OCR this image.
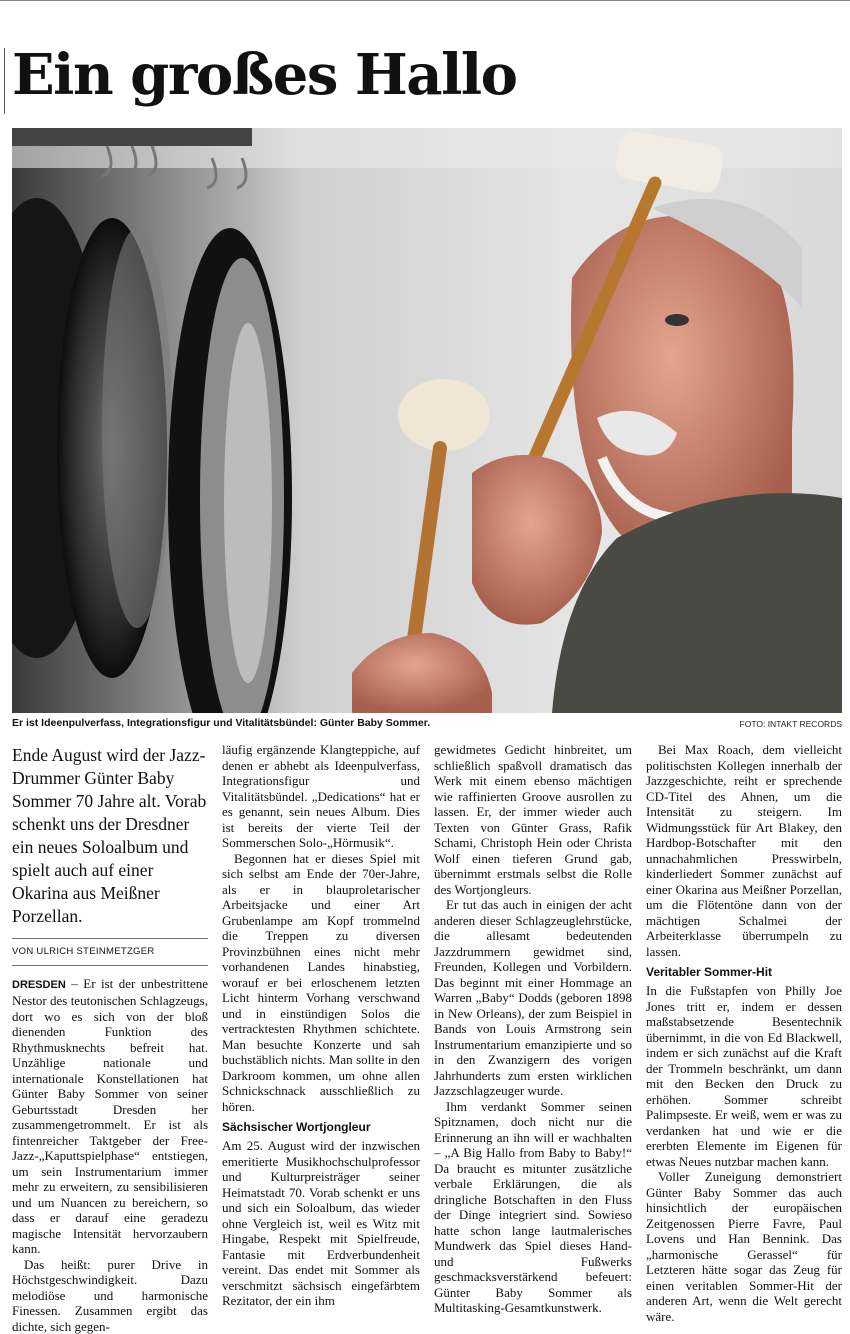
Ein großes Hallo
Er ist Ideenpulverfass, Integrationsfigur und Vitalitätsbündel: Günter Baby Sommer.	FOTO: INTAKT RECORDS
Ende August wird der Jazz-Drummer Günter Baby Sommer 70 Jahre alt. Vorab schenkt uns der Dresdner ein neues Soloalbum und spielt auch auf einer Okarina aus Meißner Porzellan.
VON ULRICH STEINMETZGER

DRESDEN – Er ist der unbestrittene Nestor des teutonischen Schlagzeugs, dort wo es sich von der bloß dienenden Funktion des Rhythmusknechts befreit hat. Unzählige nationale und internationale Konstellationen hat Günter Baby Sommer von seiner Geburtsstadt Dresden her zusammengetrommelt. Er ist als fintenreicher Taktgeber der Free-Jazz-„Kaputtspielphase“ entstiegen, um sein Instrumentarium immer mehr zu erweitern, zu sensibilisieren und um Nuancen zu bereichern, so dass er darauf eine geradezu magische Intensität hervorzaubern kann.

Das heißt: purer Drive in Höchstgeschwindigkeit. Dazu melodiöse und harmonische Finessen. Zusammen ergibt das dichte, sich gegen-

läufig ergänzende Klangteppiche, auf denen er abhebt als Ideenpulverfass, Integrationsfigur und Vitalitätsbündel. „Dedications“ hat er es genannt, sein neues Album. Dies ist bereits der vierte Teil der Sommerschen Solo-„Hörmusik“.

Begonnen hat er dieses Spiel mit sich selbst am Ende der 70er-Jahre, als er in blauproletarischer Arbeitsjacke und einer Art Grubenlampe am Kopf trommelnd die Treppen zu diversen Provinzbühnen eines nicht mehr vorhandenen Landes hinabstieg, worauf er bei erloschenem letzten Licht hinterm Vorhang verschwand und in einstündigen Solos die vertracktesten Rhythmen schichtete. Man besuchte Konzerte und sah buchstäblich nichts. Man sollte in den Darkroom kommen, um ohne allen Schnickschnack ausschließlich zu hören.

Sächsischer Wortjongleur

Am 25. August wird der inzwischen emeritierte Musikhochschulprofessor und Kulturpreisträger seiner Heimatstadt 70. Vorab schenkt er uns und sich ein Soloalbum, das wieder ohne Vergleich ist, weil es Witz mit Hingabe, Respekt mit Spielfreude, Fantasie mit Erdverbundenheit vereint. Das endet mit Sommer als verschmitzt sächsisch eingefärbtem Rezitator, der ein ihm

gewidmetes Gedicht hinbreitet, um schließlich spaßvoll dramatisch das Werk mit einem ebenso mächtigen wie raffinierten Groove ausrollen zu lassen. Er, der immer wieder auch Texten von Günter Grass, Rafik Schami, Christoph Hein oder Christa Wolf einen tieferen Grund gab, übernimmt erstmals selbst die Rolle des Wortjongleurs.

Er tut das auch in einigen der acht anderen dieser Schlagzeuglehrstücke, die allesamt bedeutenden Jazzdrummern gewidmet sind, Freunden, Kollegen und Vorbildern. Das beginnt mit einer Hommage an Warren „Baby“ Dodds (geboren 1898 in New Orleans), der zum Beispiel in Bands von Louis Armstrong sein Instrumentarium emanzipierte und so in den Zwanzigern des vorigen Jahrhunderts zum ersten wirklichen Jazzschlagzeuger wurde.

Ihm verdankt Sommer seinen Spitznamen, doch nicht nur die Erinnerung an ihn will er wachhalten – „A Big Hallo from Baby to Baby!“ Da braucht es mitunter zusätzliche verbale Erklärungen, die als dringliche Botschaften in den Fluss der Dinge integriert sind. Sowieso hatte schon lange lautmalerisches Mundwerk das Spiel dieses Hand- und Fußwerks geschmacksverstärkend befeuert: Günter Baby Sommer als Multitasking-Gesamtkunstwerk.

Bei Max Roach, dem vielleicht politischsten Kollegen innerhalb der Jazzgeschichte, reiht er sprechende CD-Titel des Ahnen, um die Intensität zu steigern. Im Widmungsstück für Art Blakey, den Hardbop-Botschafter mit den unnachahmlichen Presswirbeln, kinderliedert Sommer zunächst auf einer Okarina aus Meißner Porzellan, um die Flötentöne dann von der mächtigen Schalmei der Arbeiterklasse überrumpeln zu lassen.

Veritabler Sommer-Hit

In die Fußstapfen von Philly Joe Jones tritt er, indem er dessen maßstabsetzende Besentechnik übernimmt, in die von Ed Blackwell, indem er sich zunächst auf die Kraft der Trommeln beschränkt, um dann mit den Becken den Druck zu erhöhen. Sommer schreibt Palimpseste. Er weiß, wem er was zu verdanken hat und wie er die ererbten Elemente im Eigenen für etwas Neues nutzbar machen kann.

Voller Zuneigung demonstriert Günter Baby Sommer das auch hinsichtlich der europäischen Zeitgenossen Pierre Favre, Paul Lovens und Han Bennink. Das „harmonische Gerassel“ für Letzteren hätte sogar das Zeug für einen veritablen Sommer-Hit der anderen Art, wenn die Welt gerecht wäre.
